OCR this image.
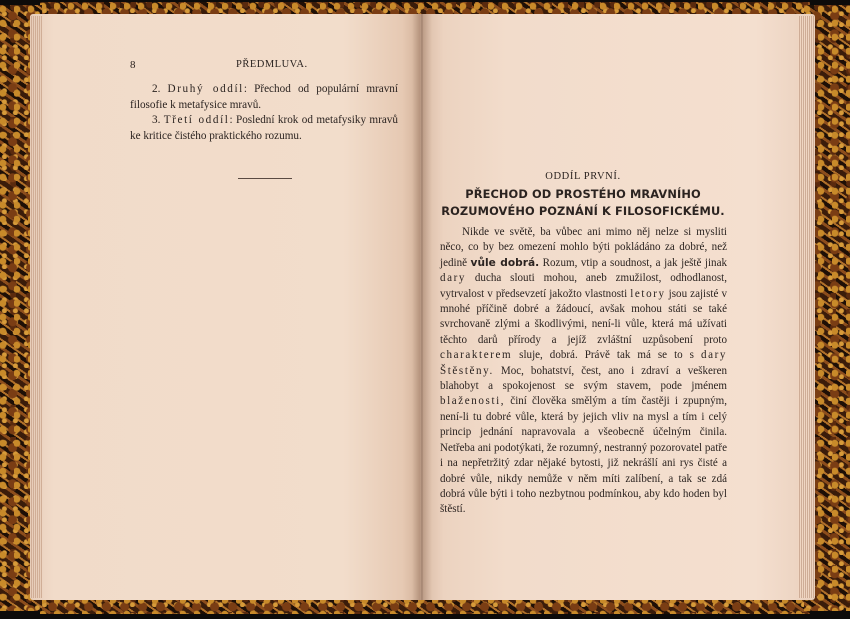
8	PŘEDMLUVA.
2. Druhý oddíl: Přechod od populární mravní filosofie k metafysice mravů.
3. Třetí oddíl: Poslední krok od metafysiky mravů ke kritice čistého praktického rozumu.
ODDÍL PRVNÍ.
PŘECHOD OD PROSTÉHO MRAVNÍHO ROZUMOVÉHO POZNÁNÍ K FILOSOFICKÉMU.
Nikde ve světě, ba vůbec ani mimo něj nelze si mysliti něco, co by bez omezení mohlo býti pokládáno za dobré, než jedině vůle dobrá. Rozum, vtip a soudnost, a jak ještě jinak dary ducha slouti mohou, aneb zmužilost, odhodlanost, vytrvalost v předsevzetí jakožto vlastnosti letory jsou zajisté v mnohé příčině dobré a žádoucí, avšak mohou státi se také svrchovaně zlými a škodlivými, není-li vůle, která má užívati těchto darů přírody a jejíž zvláštní uzpůsobení proto charakterem sluje, dobrá. Právě tak má se to s dary Štěstěny. Moc, bohatství, čest, ano i zdraví a veškeren blahobyt a spokojenost se svým stavem, pode jménem blaženosti, činí člověka smělým a tím častěji i zpupným, není-li tu dobré vůle, která by jejich vliv na mysl a tím i celý princip jednání napravovala a všeobecně účelným činila. Netřeba ani podotýkati, že rozumný, nestranný pozorovatel patře i na nepřetržitý zdar nějaké bytosti, již nekrášlí ani rys čisté a dobré vůle, nikdy nemůže v něm míti zalíbení, a tak se zdá dobrá vůle býti i toho nezbytnou podmínkou, aby kdo hoden byl štěstí.
